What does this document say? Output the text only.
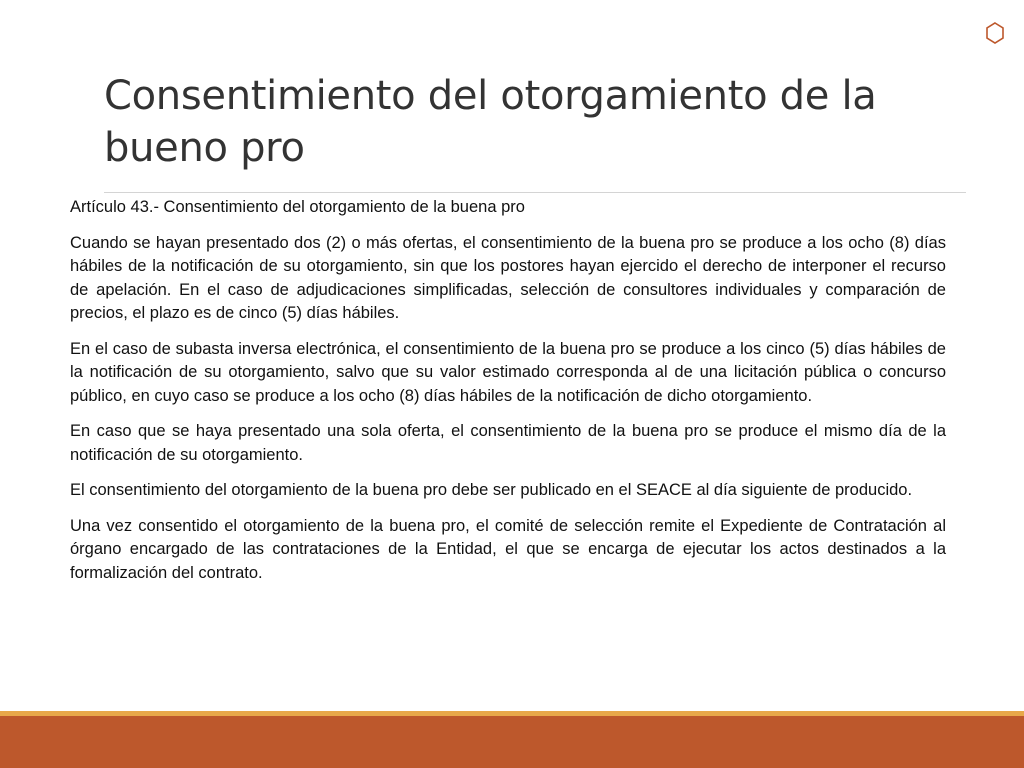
Consentimiento del otorgamiento de la bueno pro

Artículo 43.- Consentimiento del otorgamiento de la buena pro

Cuando se hayan presentado dos (2) o más ofertas, el consentimiento de la buena pro se produce a los ocho (8) días hábiles de la notificación de su otorgamiento, sin que los postores hayan ejercido el derecho de interponer el recurso de apelación. En el caso de adjudicaciones simplificadas, selección de consultores individuales y comparación de precios, el plazo es de cinco (5) días hábiles.

En el caso de subasta inversa electrónica, el consentimiento de la buena pro se produce a los cinco (5) días hábiles de la notificación de su otorgamiento, salvo que su valor estimado corresponda al de una licitación pública o concurso público, en cuyo caso se produce a los ocho (8) días hábiles de la notificación de dicho otorgamiento.

En caso que se haya presentado una sola oferta, el consentimiento de la buena pro se produce el mismo día de la notificación de su otorgamiento.

El consentimiento del otorgamiento de la buena pro debe ser publicado en el SEACE al día siguiente de producido.

Una vez consentido el otorgamiento de la buena pro, el comité de selección remite el Expediente de Contratación al órgano encargado de las contrataciones de la Entidad, el que se encarga de ejecutar los actos destinados a la formalización del contrato.
